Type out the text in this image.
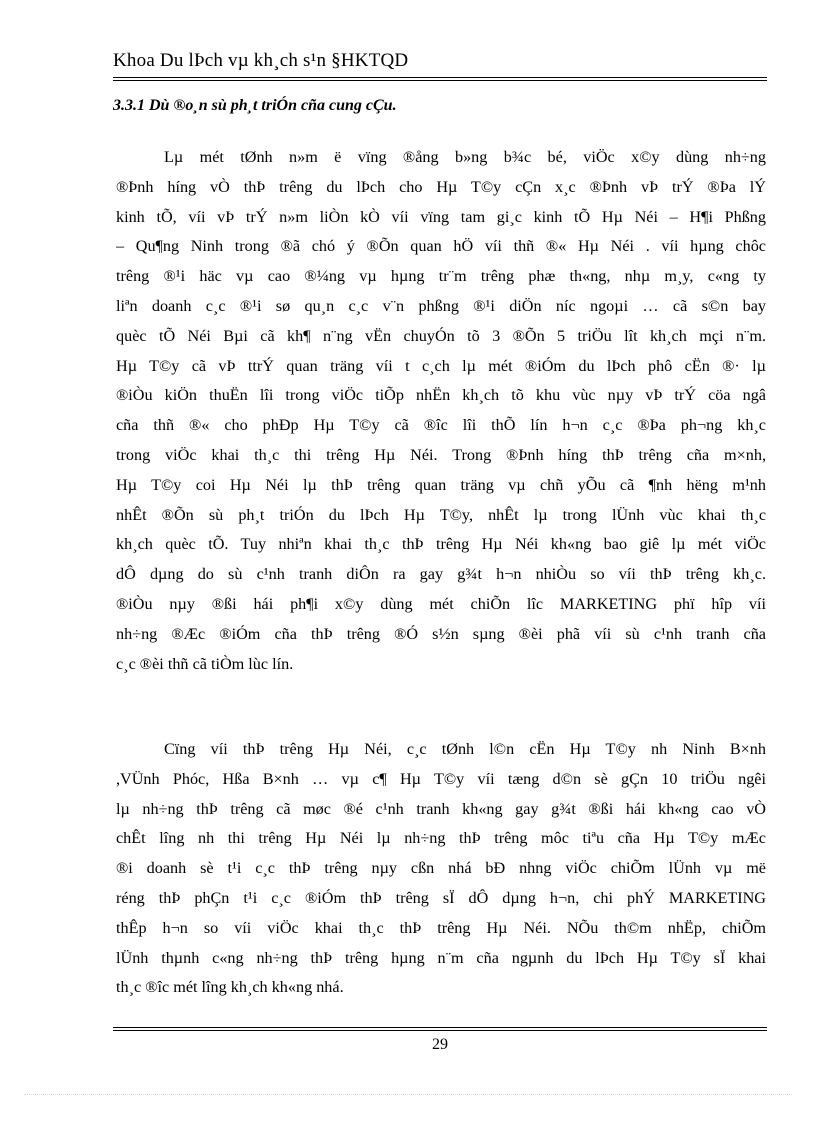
Khoa Du lÞch vµ kh¸ch s¹n §HKTQD
3.3.1 Dù ®o¸n sù ph¸t triÓn cña cung cÇu.
Lµ mét tØnh n»m ë vïng ®ång b»ng b¾c bé, viÖc x©y dùng nh÷ng
®Þnh híng vÒ thÞ trêng du lÞch cho Hµ T©y cÇn x¸c ®Þnh vÞ trÝ ®Þa lÝ
kinh tÕ, víi vÞ trÝ n»m liÒn kÒ víi vïng tam gi¸c kinh tÕ Hµ Néi – H¶i Phßng
– Qu¶ng Ninh trong ®ã chó ý ®Õn quan hÖ víi thñ ®« Hµ Néi . víi hµng chôc
trêng ®¹i häc vµ cao ®¼ng vµ hµng tr¨m trêng phæ th«ng, nhµ m¸y, c«ng ty
liªn doanh c¸c ®¹i sø qu¸n c¸c v¨n phßng ®¹i diÖn níc ngoµi … cã s©n bay
quèc tÕ Néi Bµi cã kh¶ n¨ng vËn chuyÓn tõ 3 ®Õn 5 triÖu lît kh¸ch mçi n¨m.
Hµ T©y cã vÞ ttrÝ quan träng víi t c¸ch lµ mét ®iÓm du lÞch phô cËn ®· lµ
®iÒu kiÖn thuËn lîi trong viÖc tiÕp nhËn kh¸ch tõ khu vùc nµy vÞ trÝ cöa ngâ
cña thñ ®« cho phÐp Hµ T©y cã ®îc lîi thÕ lín h¬n c¸c ®Þa ph¬ng kh¸c
trong viÖc khai th¸c thi trêng Hµ Néi. Trong ®Þnh híng thÞ trêng cña m×nh,
Hµ T©y coi Hµ Néi lµ thÞ trêng quan träng vµ chñ yÕu cã ¶nh hëng m¹nh
nhÊt ®Õn sù ph¸t triÓn du lÞch Hµ T©y, nhÊt lµ trong lÜnh vùc khai th¸c
kh¸ch quèc tÕ. Tuy nhiªn khai th¸c thÞ trêng Hµ Néi kh«ng bao giê lµ mét viÖc
dÔ dµng do sù c¹nh tranh diÔn ra gay g¾t h¬n nhiÒu so víi thÞ trêng kh¸c.
®iÒu nµy ®ßi hái ph¶i x©y dùng mét chiÕn lîc MARKETING phï hîp víi
nh÷ng ®Æc ®iÓm cña thÞ trêng ®Ó s½n sµng ®èi phã víi sù c¹nh tranh cña
c¸c ®èi thñ cã tiÒm lùc lín.
Cïng víi thÞ trêng Hµ Néi, c¸c tØnh l©n cËn Hµ T©y nh Ninh B×nh
,VÜnh Phóc, Hßa B×nh … vµ c¶ Hµ T©y víi tæng d©n sè gÇn 10 triÖu ngêi
lµ nh÷ng thÞ trêng cã møc ®é c¹nh tranh kh«ng gay g¾t ®ßi hái kh«ng cao vÒ
chÊt lîng nh thi trêng Hµ Néi lµ nh÷ng thÞ trêng môc tiªu cña Hµ T©y mÆc
®i doanh sè t¹i c¸c thÞ trêng nµy cßn nhá bÐ nhng viÖc chiÕm lÜnh vµ më
réng thÞ phÇn t¹i c¸c ®iÓm thÞ trêng sÏ dÔ dµng h¬n, chi phÝ MARKETING
thÊp h¬n so víi viÖc khai th¸c thÞ trêng Hµ Néi. NÕu th©m nhËp, chiÕm
lÜnh thµnh c«ng nh÷ng thÞ trêng hµng n¨m cña ngµnh du lÞch Hµ T©y sÏ khai
th¸c ®îc mét lîng kh¸ch kh«ng nhá.
29
